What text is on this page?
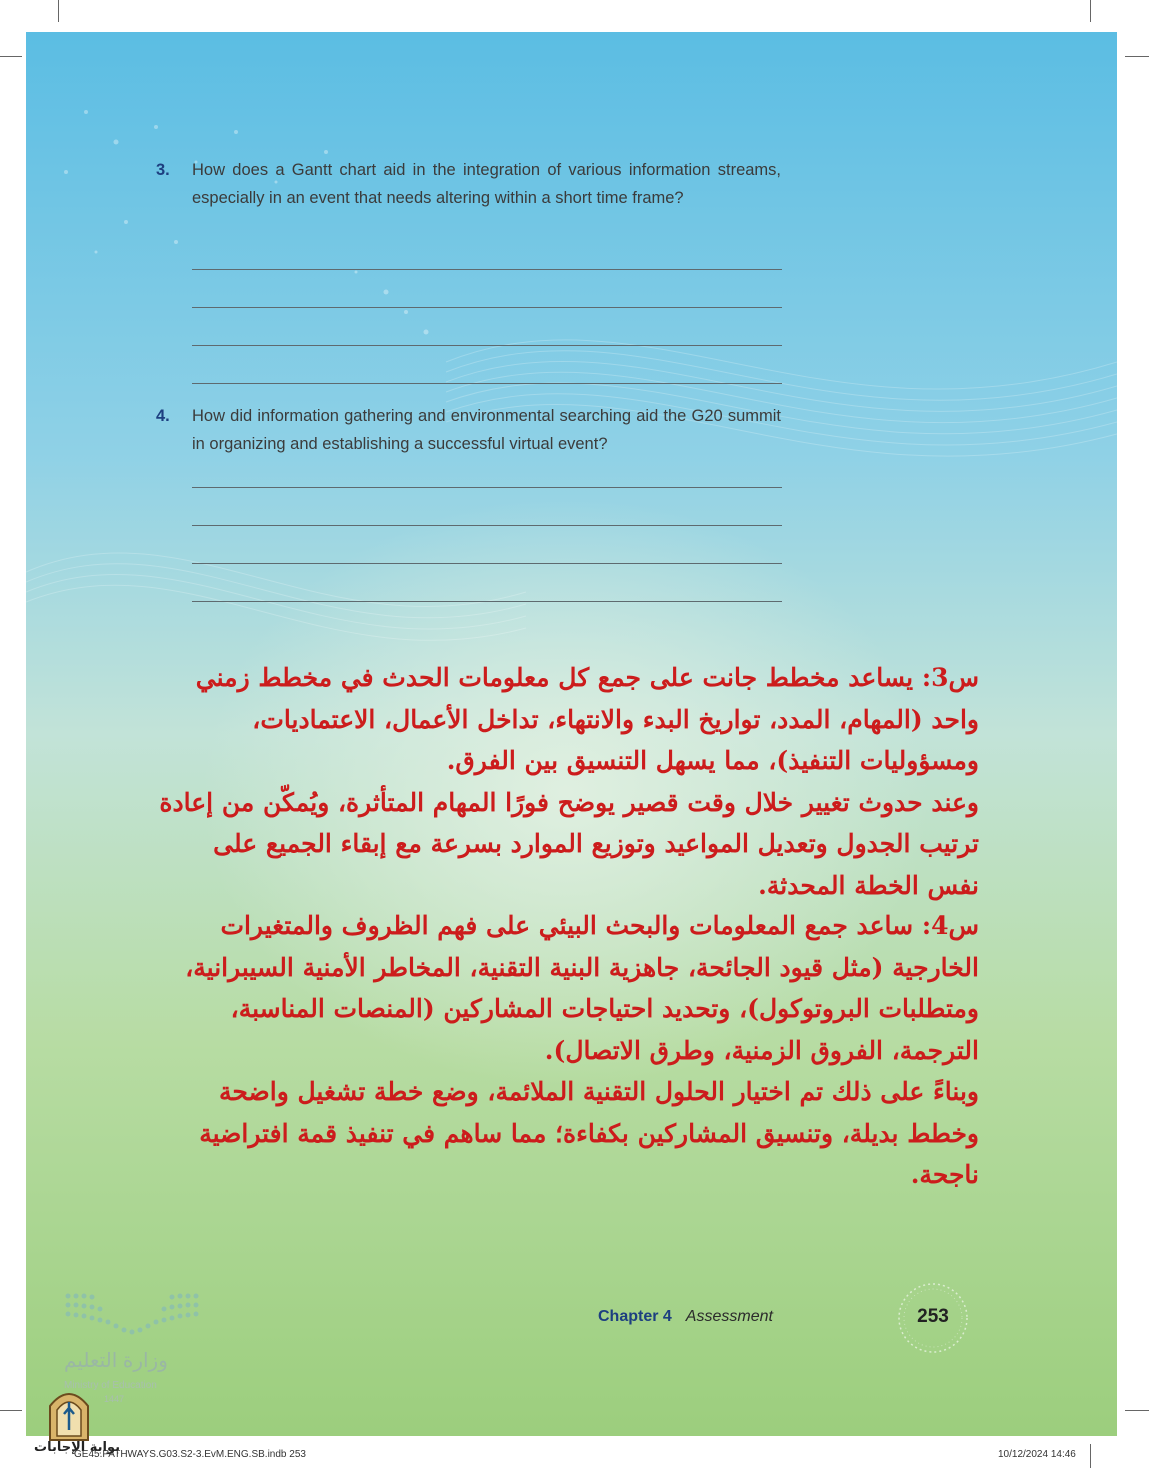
3. How does a Gantt chart aid in the integration of various information streams, especially in an event that needs altering within a short time frame?
4. How did information gathering and environmental searching aid the G20 summit in organizing and establishing a successful virtual event?

س3: يساعد مخطط جانت على جمع كل معلومات الحدث في مخطط زمني واحد (المهام، المدد، تواريخ البدء والانتهاء، تداخل الأعمال، الاعتماديات، ومسؤوليات التنفيذ)، مما يسهل التنسيق بين الفرق.

وعند حدوث تغيير خلال وقت قصير يوضح فورًا المهام المتأثرة، ويُمكّن من إعادة ترتيب الجدول وتعديل المواعيد وتوزيع الموارد بسرعة مع إبقاء الجميع على نفس الخطة المحدثة.

س4: ساعد جمع المعلومات والبحث البيئي على فهم الظروف والمتغيرات الخارجية (مثل قيود الجائحة، جاهزية البنية التقنية، المخاطر الأمنية السيبرانية، ومتطلبات البروتوكول)، وتحديد احتياجات المشاركين (المنصات المناسبة، الترجمة، الفروق الزمنية، وطرق الاتصال).

وبناءً على ذلك تم اختيار الحلول التقنية الملائمة، وضع خطة تشغيل واضحة وخطط بديلة، وتنسيق المشاركين بكفاءة؛ مما ساهم في تنفيذ قمة افتراضية ناجحة.

وزارة التعليم
Ministry of Education
1447
Chapter 4 Assessment	253
بوابة الإجابات
GE45.PATHWAYS.G03.S2-3.EvM.ENG.SB.indb 253	10/12/2024 14:46
